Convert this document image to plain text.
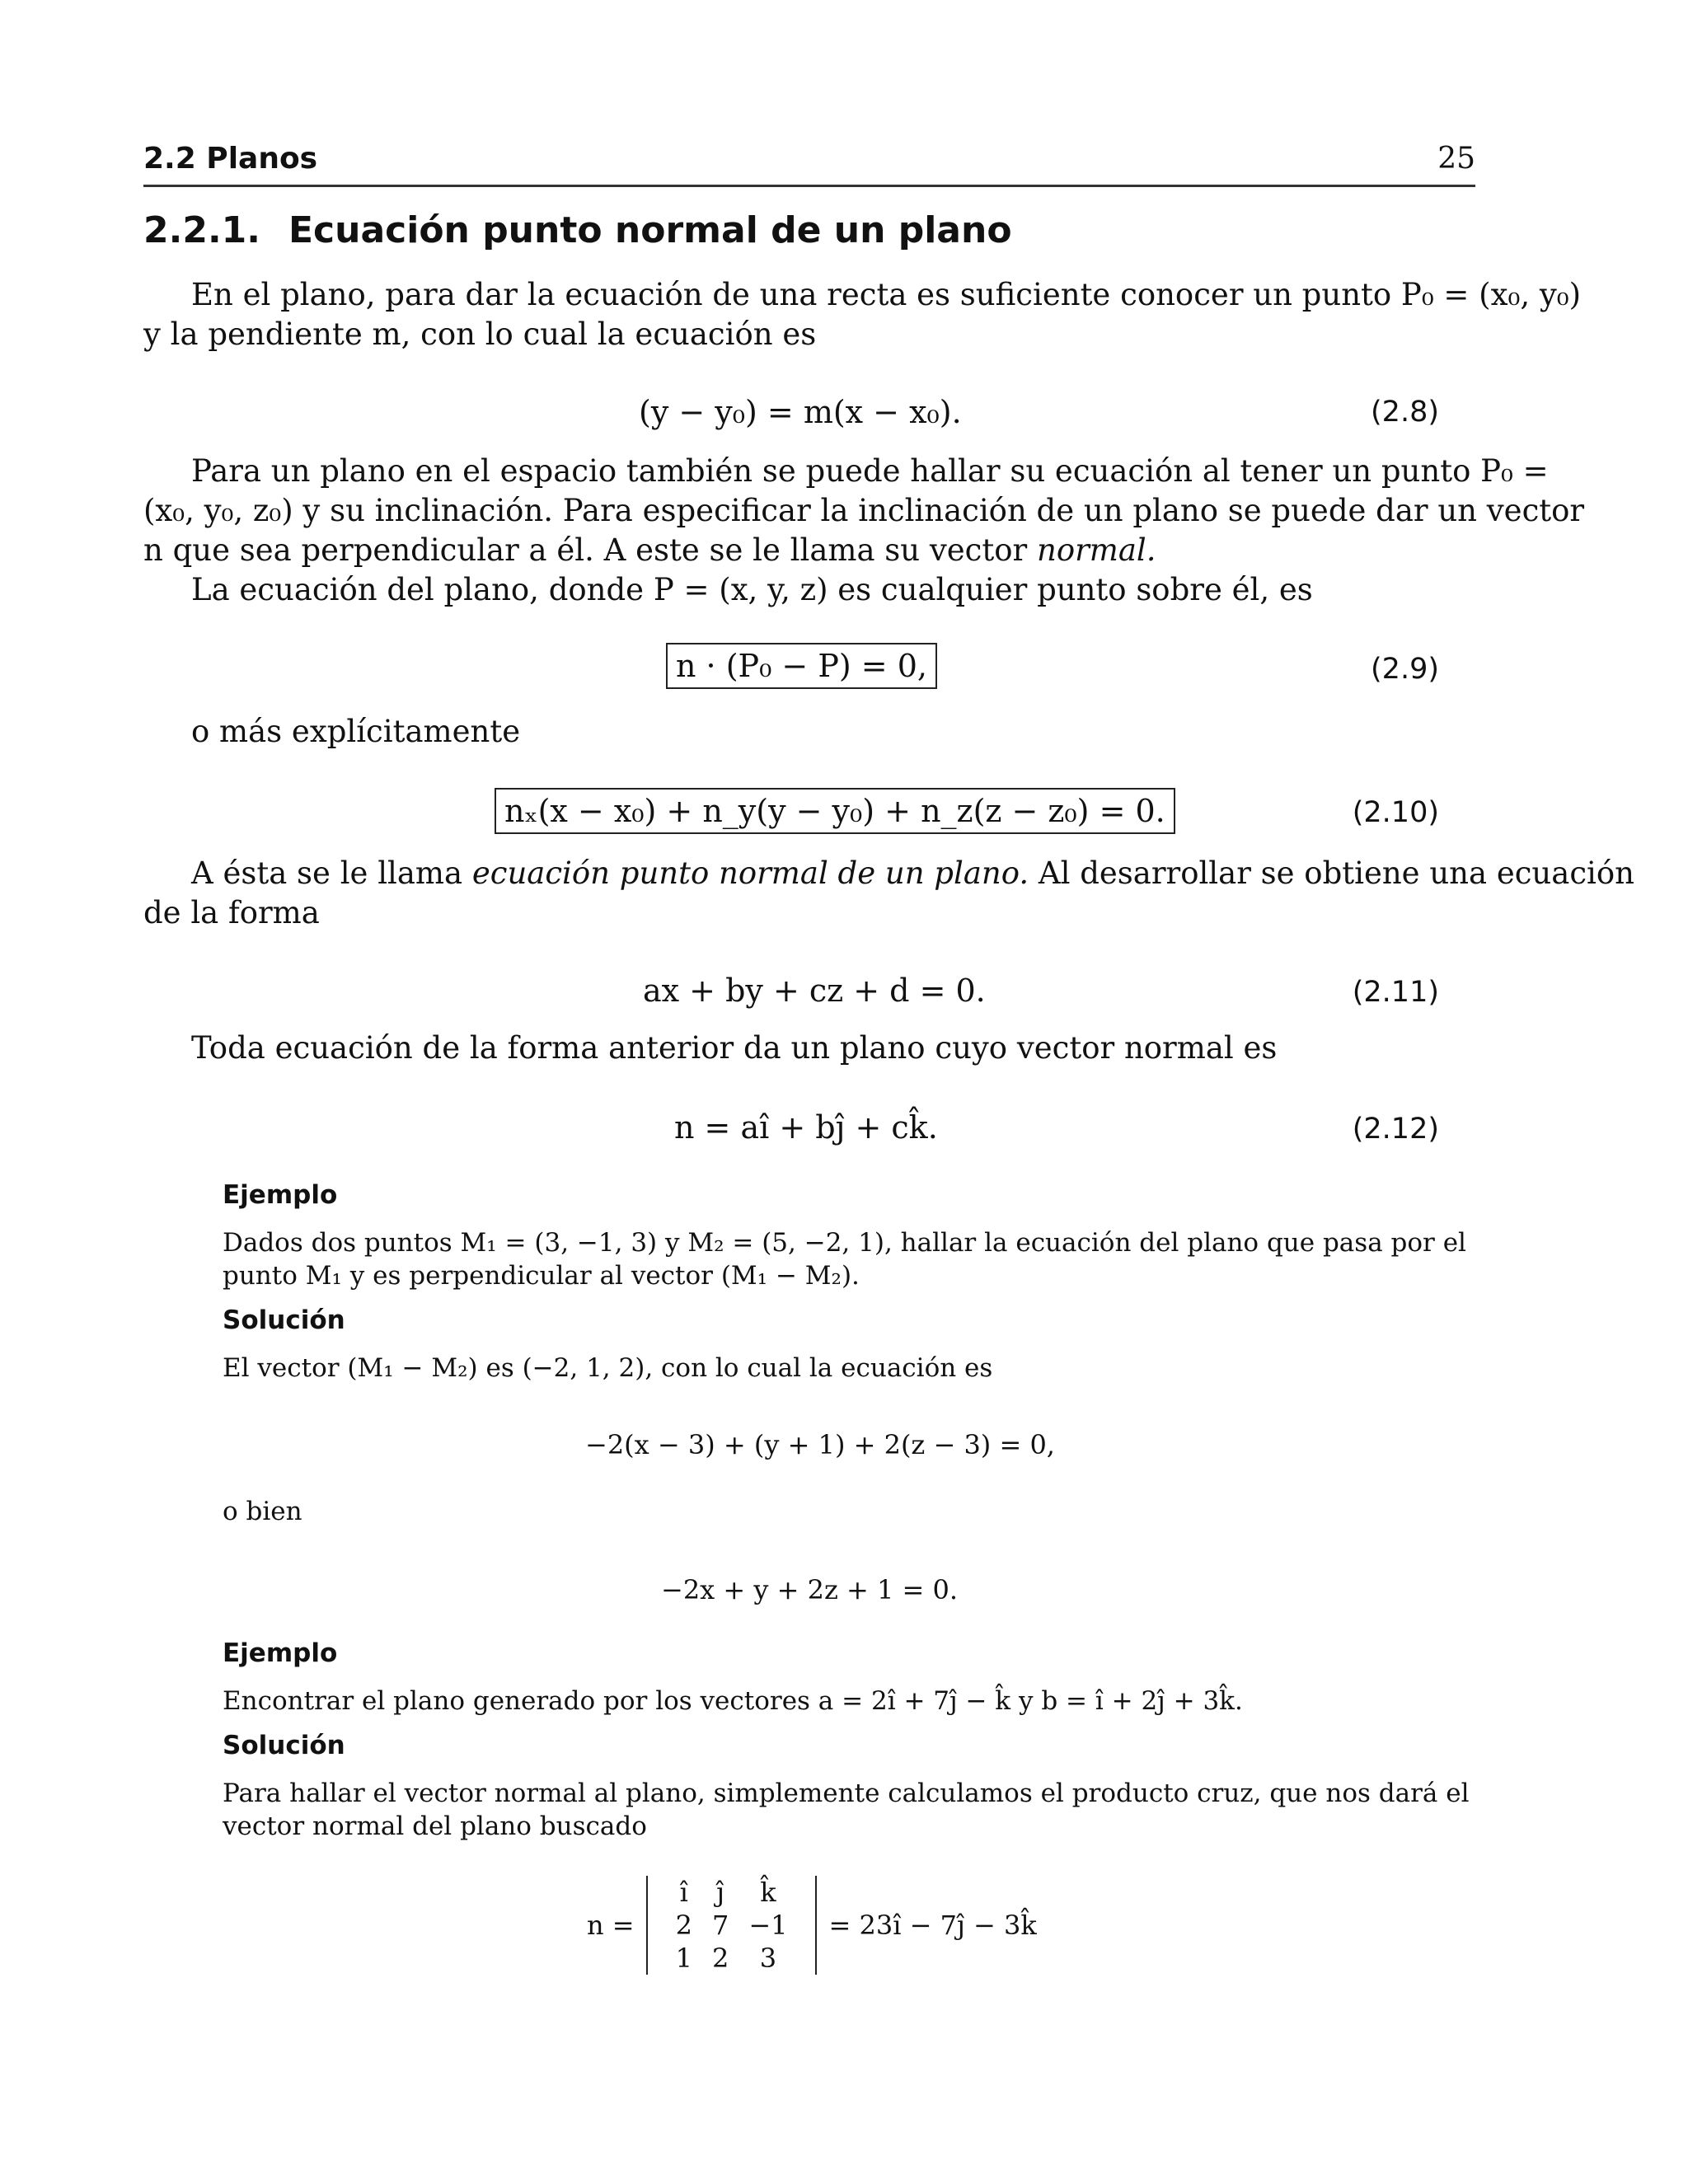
2.2 Planos	25
2.2.1. Ecuación punto normal de un plano
En el plano, para dar la ecuación de una recta es suficiente conocer un punto P₀ = (x₀, y₀)
y la pendiente m, con lo cual la ecuación es
(y − y₀) = m(x − x₀).	(2.8)
Para un plano en el espacio también se puede hallar su ecuación al tener un punto P₀ =
(x₀, y₀, z₀) y su inclinación. Para especificar la inclinación de un plano se puede dar un vector
n que sea perpendicular a él. A este se le llama su vector normal.
La ecuación del plano, donde P = (x, y, z) es cualquier punto sobre él, es
n · (P₀ − P) = 0,	(2.9)
o más explícitamente
nₓ(x − x₀) + n_y(y − y₀) + n_z(z − z₀) = 0.	(2.10)
A ésta se le llama ecuación punto normal de un plano. Al desarrollar se obtiene una ecuación
de la forma
ax + by + cz + d = 0.	(2.11)
Toda ecuación de la forma anterior da un plano cuyo vector normal es
n = aî + bĵ + ck̂.	(2.12)
Ejemplo
Dados dos puntos M₁ = (3, −1, 3) y M₂ = (5, −2, 1), hallar la ecuación del plano que pasa por el
punto M₁ y es perpendicular al vector (M₁ − M₂).
Solución
El vector (M₁ − M₂) es (−2, 1, 2), con lo cual la ecuación es
−2(x − 3) + (y + 1) + 2(z − 3) = 0,
o bien
−2x + y + 2z + 1 = 0.
Ejemplo
Encontrar el plano generado por los vectores a = 2î + 7ĵ − k̂ y b = î + 2ĵ + 3k̂.
Solución
Para hallar el vector normal al plano, simplemente calculamos el producto cruz, que nos dará el
vector normal del plano buscado
n =
î	ĵ	k̂
2	7	−1
1	2	3
= 23î − 7ĵ − 3k̂
